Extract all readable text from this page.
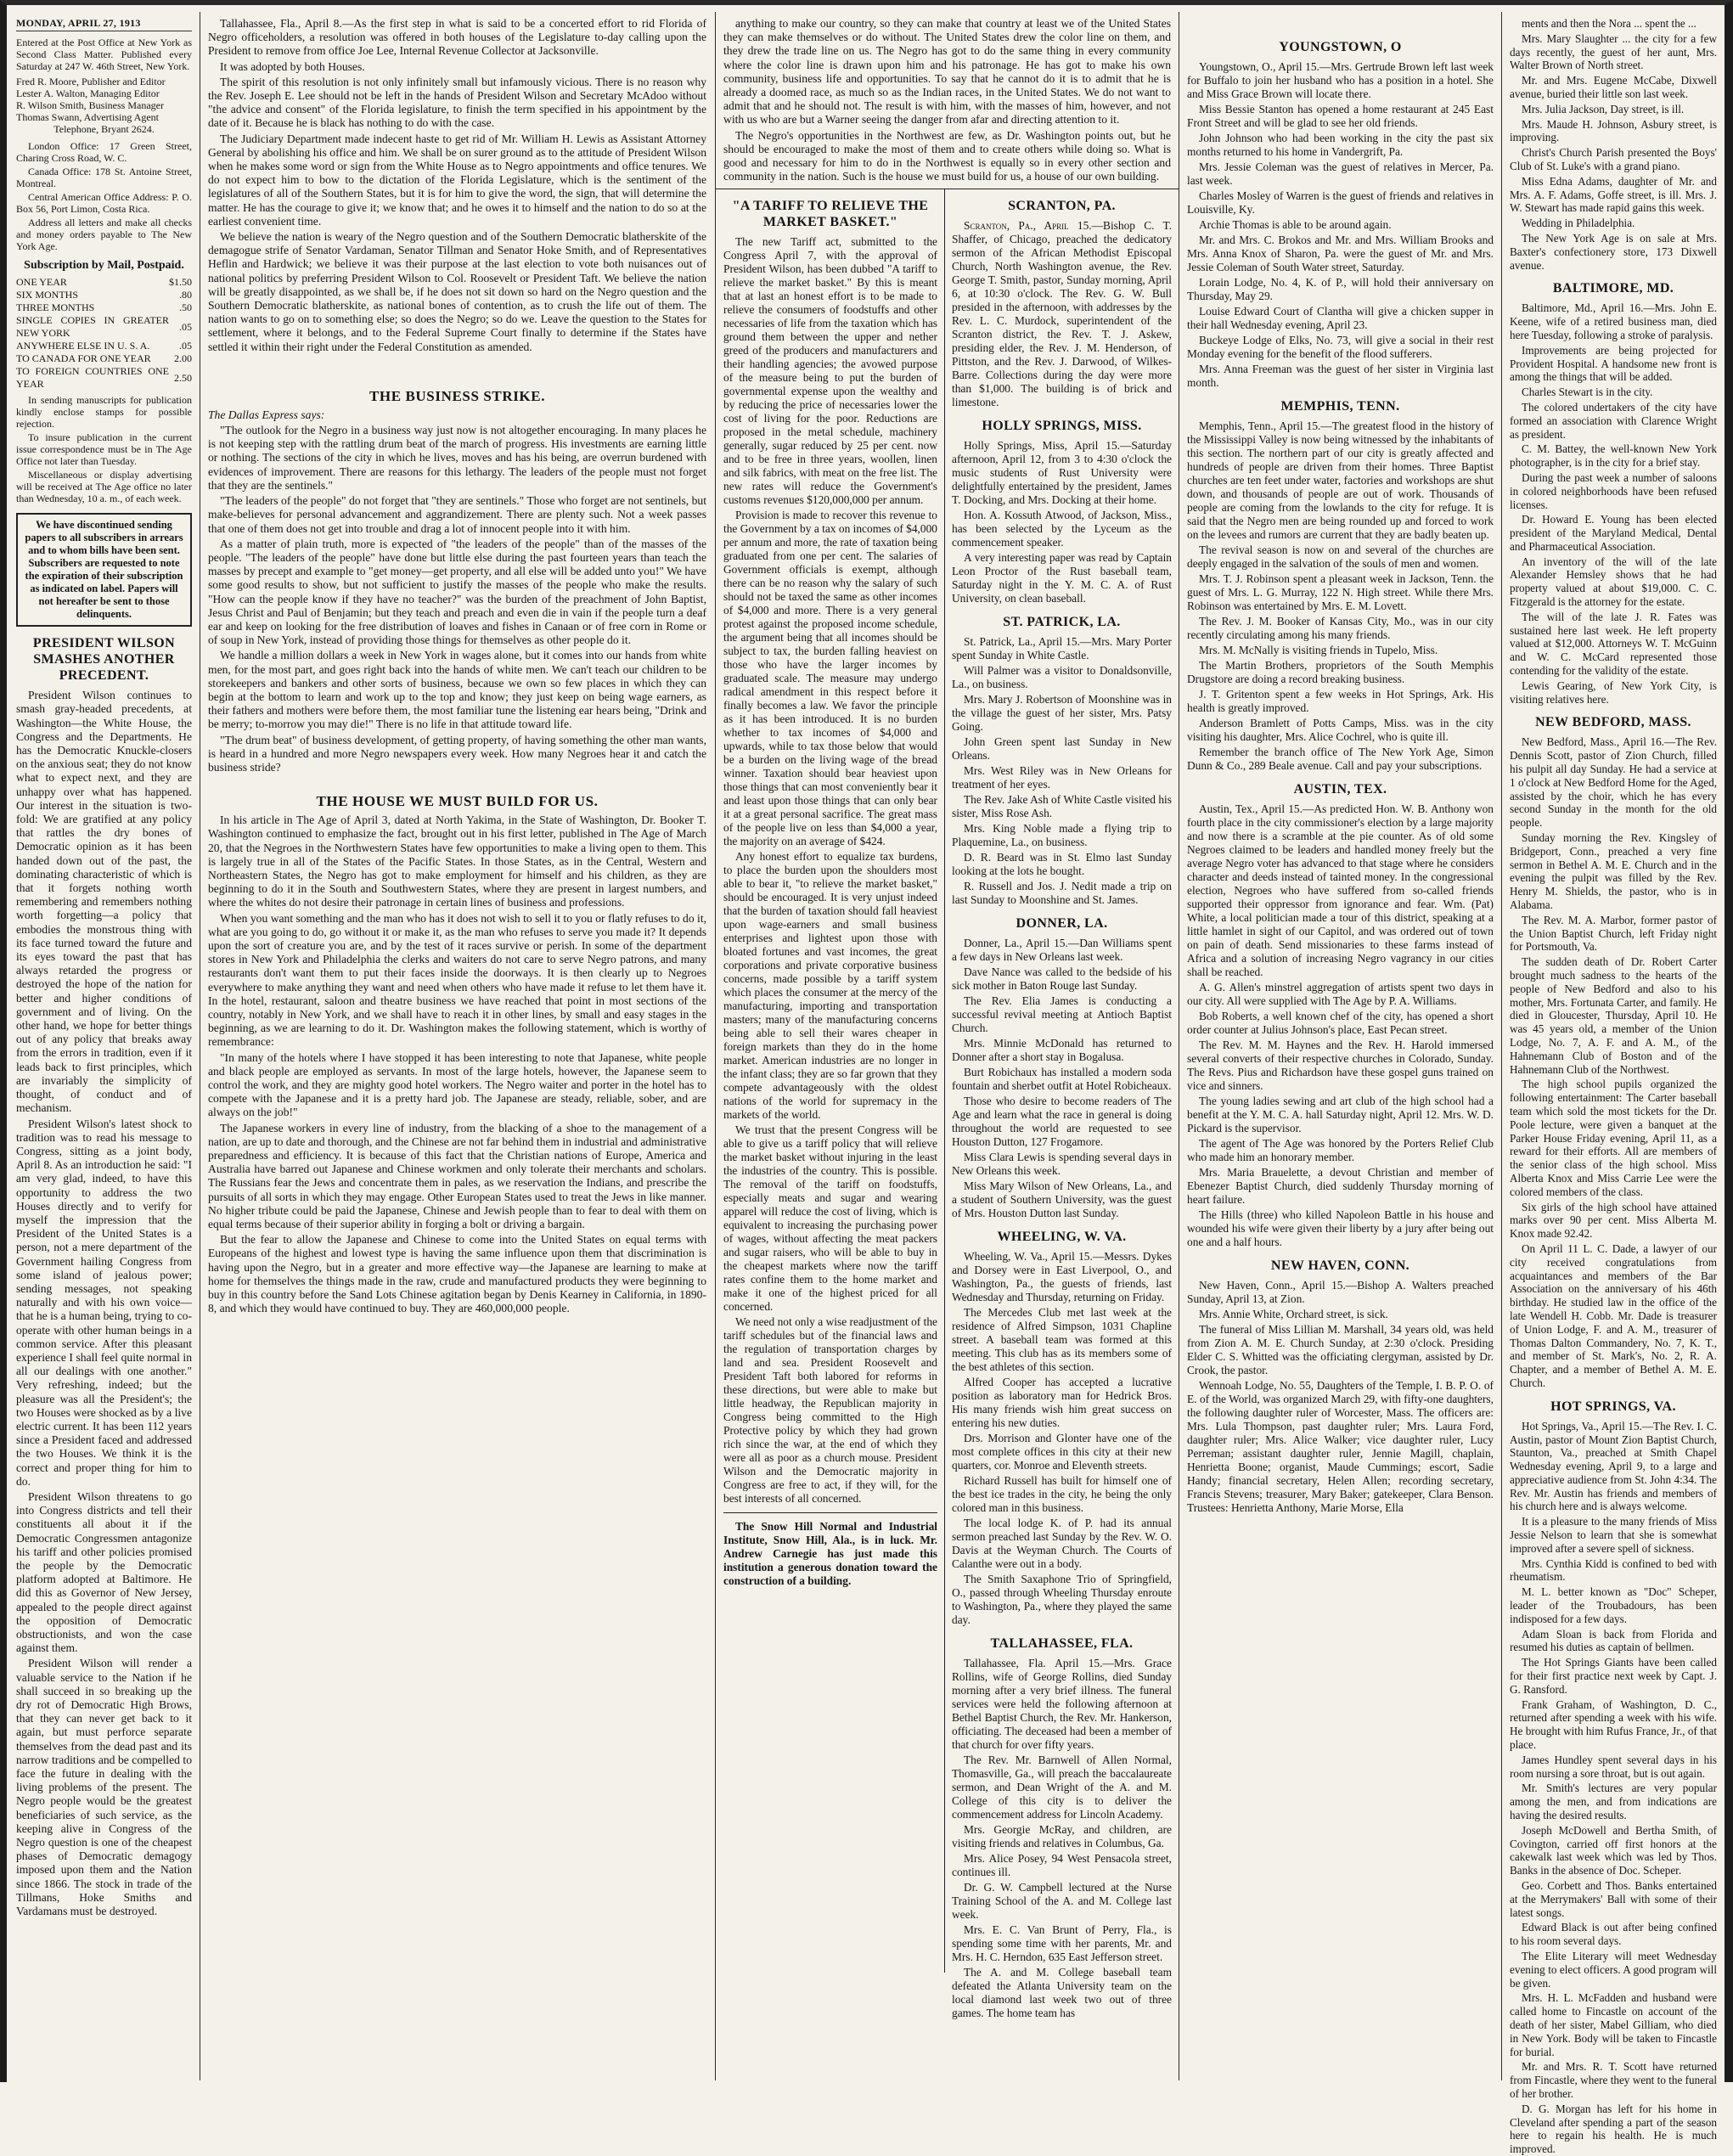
MONDAY, APRIL 27, 1913

Entered at the Post Office at New York as Second Class Matter. Published every Saturday at 247 W. 46th Street, New York.

Fred R. Moore, Publisher and Editor
Lester A. Walton, Managing Editor
R. Wilson Smith, Business Manager
Thomas Swann, Advertising Agent
Telephone, Bryant 2624.

London Office: 17 Green Street, Charing Cross Road, W. C.

Canada Office: 178 St. Antoine Street, Montreal.

Central American Office Address: P. O. Box 56, Port Limon, Costa Rica.

Address all letters and make all checks and money orders payable to The New York Age.

Subscription by Mail, Postpaid.
ONE YEAR	$1.50
SIX MONTHS	.80
THREE MONTHS	.50
SINGLE COPIES IN GREATER NEW YORK	.05
ANYWHERE ELSE IN U. S. A.	.05
TO CANADA FOR ONE YEAR	2.00
TO FOREIGN COUNTRIES ONE YEAR	2.50

In sending manuscripts for publication kindly enclose stamps for possible rejection.

To insure publication in the current issue correspondence must be in The Age Office not later than Tuesday.

Miscellaneous or display advertising will be received at The Age office no later than Wednesday, 10 a. m., of each week.

We have discontinued sending papers to all subscribers in arrears and to whom bills have been sent. Subscribers are requested to note the expiration of their subscription as indicated on label. Papers will not hereafter be sent to those delinquents.
PRESIDENT WILSON SMASHES ANOTHER PRECEDENT.

President Wilson continues to smash gray-headed precedents, at Washington—the White House, the Congress and the Departments. He has the Democratic Knuckle-closers on the anxious seat; they do not know what to expect next, and they are unhappy over what has happened. Our interest in the situation is two-fold: We are gratified at any policy that rattles the dry bones of Democratic opinion as it has been handed down out of the past, the dominating characteristic of which is that it forgets nothing worth remembering and remembers nothing worth forgetting—a policy that embodies the monstrous thing with its face turned toward the future and its eyes toward the past that has always retarded the progress or destroyed the hope of the nation for better and higher conditions of government and of living. On the other hand, we hope for better things out of any policy that breaks away from the errors in tradition, even if it leads back to first principles, which are invariably the simplicity of thought, of conduct and of mechanism.

President Wilson's latest shock to tradition was to read his message to Congress, sitting as a joint body, April 8. As an introduction he said: "I am very glad, indeed, to have this opportunity to address the two Houses directly and to verify for myself the impression that the President of the United States is a person, not a mere department of the Government hailing Congress from some island of jealous power; sending messages, not speaking naturally and with his own voice—that he is a human being, trying to co-operate with other human beings in a common service. After this pleasant experience I shall feel quite normal in all our dealings with one another." Very refreshing, indeed; but the pleasure was all the President's; the two Houses were shocked as by a live electric current. It has been 112 years since a President faced and addressed the two Houses. We think it is the correct and proper thing for him to do.

President Wilson threatens to go into Congress districts and tell their constituents all about it if the Democratic Congressmen antagonize his tariff and other policies promised the people by the Democratic platform adopted at Baltimore. He did this as Governor of New Jersey, appealed to the people direct against the opposition of Democratic obstructionists, and won the case against them.

President Wilson will render a valuable service to the Nation if he shall succeed in so breaking up the dry rot of Democratic High Brows, that they can never get back to it again, but must perforce separate themselves from the dead past and its narrow traditions and be compelled to face the future in dealing with the living problems of the present. The Negro people would be the greatest beneficiaries of such service, as the keeping alive in Congress of the Negro question is one of the cheapest phases of Democratic demagogy imposed upon them and the Nation since 1866. The stock in trade of the Tillmans, Hoke Smiths and Vardamans must be destroyed.

Tallahassee, Fla., April 8.—As the first step in what is said to be a concerted effort to rid Florida of Negro officeholders, a resolution was offered in both houses of the Legislature to-day calling upon the President to remove from office Joe Lee, Internal Revenue Collector at Jacksonville.

It was adopted by both Houses.

The spirit of this resolution is not only infinitely small but infamously vicious. There is no reason why the Rev. Joseph E. Lee should not be left in the hands of President Wilson and Secretary McAdoo without "the advice and consent" of the Florida legislature, to finish the term specified in his appointment by the date of it. Because he is black has nothing to do with the case.

The Judiciary Department made indecent haste to get rid of Mr. William H. Lewis as Assistant Attorney General by abolishing his office and him. We shall be on surer ground as to the attitude of President Wilson when he makes some word or sign from the White House as to Negro appointments and office tenures. We do not expect him to bow to the dictation of the Florida Legislature, which is the sentiment of the legislatures of all of the Southern States, but it is for him to give the word, the sign, that will determine the matter. He has the courage to give it; we know that; and he owes it to himself and the nation to do so at the earliest convenient time.

We believe the nation is weary of the Negro question and of the Southern Democratic blatherskite of the demagogue strife of Senator Vardaman, Senator Tillman and Senator Hoke Smith, and of Representatives Heflin and Hardwick; we believe it was their purpose at the last election to vote both nuisances out of national politics by preferring President Wilson to Col. Roosevelt or President Taft. We believe the nation will be greatly disappointed, as we shall be, if he does not sit down so hard on the Negro question and the Southern Democratic blatherskite, as national bones of contention, as to crush the life out of them. The nation wants to go on to something else; so does the Negro; so do we. Leave the question to the States for settlement, where it belongs, and to the Federal Supreme Court finally to determine if the States have settled it within their right under the Federal Constitution as amended.

THE BUSINESS STRIKE.

The Dallas Express says:

"The outlook for the Negro in a business way just now is not altogether encouraging. In many places he is not keeping step with the rattling drum beat of the march of progress. His investments are earning little or nothing. The sections of the city in which he lives, moves and has his being, are overrun burdened with evidences of improvement. There are reasons for this lethargy. The leaders of the people must not forget that they are the sentinels."

"The leaders of the people" do not forget that "they are sentinels." Those who forget are not sentinels, but make-believes for personal advancement and aggrandizement. There are plenty such. Not a week passes that one of them does not get into trouble and drag a lot of innocent people into it with him.

As a matter of plain truth, more is expected of "the leaders of the people" than of the masses of the people. "The leaders of the people" have done but little else during the past fourteen years than teach the masses by precept and example to "get money—get property, and all else will be added unto you!" We have some good results to show, but not sufficient to justify the masses of the people who make the results. "How can the people know if they have no teacher?" was the burden of the preachment of John Baptist, Jesus Christ and Paul of Benjamin; but they teach and preach and even die in vain if the people turn a deaf ear and keep on looking for the free distribution of loaves and fishes in Canaan or of free corn in Rome or of soup in New York, instead of providing those things for themselves as other people do it.

We handle a million dollars a week in New York in wages alone, but it comes into our hands from white men, for the most part, and goes right back into the hands of white men. We can't teach our children to be storekeepers and bankers and other sorts of business, because we own so few places in which they can begin at the bottom to learn and work up to the top and know; they just keep on being wage earners, as their fathers and mothers were before them, the most familiar tune the listening ear hears being, "Drink and be merry; to-morrow you may die!" There is no life in that attitude toward life.

"The drum beat" of business development, of getting property, of having something the other man wants, is heard in a hundred and more Negro newspapers every week. How many Negroes hear it and catch the business stride?

THE HOUSE WE MUST BUILD FOR US.

In his article in The Age of April 3, dated at North Yakima, in the State of Washington, Dr. Booker T. Washington continued to emphasize the fact, brought out in his first letter, published in The Age of March 20, that the Negroes in the Northwestern States have few opportunities to make a living open to them. This is largely true in all of the States of the Pacific States. In those States, as in the Central, Western and Northeastern States, the Negro has got to make employment for himself and his children, as they are beginning to do it in the South and Southwestern States, where they are present in largest numbers, and where the whites do not desire their patronage in certain lines of business and professions.

When you want something and the man who has it does not wish to sell it to you or flatly refuses to do it, what are you going to do, go without it or make it, as the man who refuses to serve you made it? It depends upon the sort of creature you are, and by the test of it races survive or perish. In some of the department stores in New York and Philadelphia the clerks and waiters do not care to serve Negro patrons, and many restaurants don't want them to put their faces inside the doorways. It is then clearly up to Negroes everywhere to make anything they want and need when others who have made it refuse to let them have it. In the hotel, restaurant, saloon and theatre business we have reached that point in most sections of the country, notably in New York, and we shall have to reach it in other lines, by small and easy stages in the beginning, as we are learning to do it. Dr. Washington makes the following statement, which is worthy of remembrance:

"In many of the hotels where I have stopped it has been interesting to note that Japanese, white people and black people are employed as servants. In most of the large hotels, however, the Japanese seem to control the work, and they are mighty good hotel workers. The Negro waiter and porter in the hotel has to compete with the Japanese and it is a pretty hard job. The Japanese are steady, reliable, sober, and are always on the job!"

The Japanese workers in every line of industry, from the blacking of a shoe to the management of a nation, are up to date and thorough, and the Chinese are not far behind them in industrial and administrative preparedness and efficiency. It is because of this fact that the Christian nations of Europe, America and Australia have barred out Japanese and Chinese workmen and only tolerate their merchants and scholars. The Russians fear the Jews and concentrate them in pales, as we reservation the Indians, and prescribe the pursuits of all sorts in which they may engage. Other European States used to treat the Jews in like manner. No higher tribute could be paid the Japanese, Chinese and Jewish people than to fear to deal with them on equal terms because of their superior ability in forging a bolt or driving a bargain.

But the fear to allow the Japanese and Chinese to come into the United States on equal terms with Europeans of the highest and lowest type is having the same influence upon them that discrimination is having upon the Negro, but in a greater and more effective way—the Japanese are learning to make at home for themselves the things made in the raw, crude and manufactured products they were beginning to buy in this country before the Sand Lots Chinese agitation began by Denis Kearney in California, in 1890-8, and which they would have continued to buy. They are 460,000,000 people.

anything to make our country, so they can make that country at least we of the United States they can make themselves or do without. The United States drew the color line on them, and they drew the trade line on us. The Negro has got to do the same thing in every community where the color line is drawn upon him and his patronage. He has got to make his own community, business life and opportunities. To say that he cannot do it is to admit that he is already a doomed race, as much so as the Indian races, in the United States. We do not want to admit that and he should not. The result is with him, with the masses of him, however, and not with us who are but a Warner seeing the danger from afar and directing attention to it.

The Negro's opportunities in the Northwest are few, as Dr. Washington points out, but he should be encouraged to make the most of them and to create others while doing so. What is good and necessary for him to do in the Northwest is equally so in every other section and community in the nation. Such is the house we must build for us, a house of our own building.

"A TARIFF TO RELIEVE THE MARKET BASKET."

The new Tariff act, submitted to the Congress April 7, with the approval of President Wilson, has been dubbed "A tariff to relieve the market basket." By this is meant that at last an honest effort is to be made to relieve the consumers of foodstuffs and other necessaries of life from the taxation which has ground them between the upper and nether greed of the producers and manufacturers and their handling agencies; the avowed purpose of the measure being to put the burden of governmental expense upon the wealthy and by reducing the price of necessaries lower the cost of living for the poor. Reductions are proposed in the metal schedule, machinery generally, sugar reduced by 25 per cent. now and to be free in three years, woollen, linen and silk fabrics, with meat on the free list. The new rates will reduce the Government's customs revenues $120,000,000 per annum.

Provision is made to recover this revenue to the Government by a tax on incomes of $4,000 per annum and more, the rate of taxation being graduated from one per cent. The salaries of Government officials is exempt, although there can be no reason why the salary of such should not be taxed the same as other incomes of $4,000 and more. There is a very general protest against the proposed income schedule, the argument being that all incomes should be subject to tax, the burden falling heaviest on those who have the larger incomes by graduated scale. The measure may undergo radical amendment in this respect before it finally becomes a law. We favor the principle as it has been introduced. It is no burden whether to tax incomes of $4,000 and upwards, while to tax those below that would be a burden on the living wage of the bread winner. Taxation should bear heaviest upon those things that can most conveniently bear it and least upon those things that can only bear it at a great personal sacrifice. The great mass of the people live on less than $4,000 a year, the majority on an average of $424.

Any honest effort to equalize tax burdens, to place the burden upon the shoulders most able to bear it, "to relieve the market basket," should be encouraged. It is very unjust indeed that the burden of taxation should fall heaviest upon wage-earners and small business enterprises and lightest upon those with bloated fortunes and vast incomes, the great corporations and private corporative business concerns, made possible by a tariff system which places the consumer at the mercy of the manufacturing, importing and transportation masters; many of the manufacturing concerns being able to sell their wares cheaper in foreign markets than they do in the home market. American industries are no longer in the infant class; they are so far grown that they compete advantageously with the oldest nations of the world for supremacy in the markets of the world.

We trust that the present Congress will be able to give us a tariff policy that will relieve the market basket without injuring in the least the industries of the country. This is possible. The removal of the tariff on foodstuffs, especially meats and sugar and wearing apparel will reduce the cost of living, which is equivalent to increasing the purchasing power of wages, without affecting the meat packers and sugar raisers, who will be able to buy in the cheapest markets where now the tariff rates confine them to the home market and make it one of the highest priced for all concerned.

We need not only a wise readjustment of the tariff schedules but of the financial laws and the regulation of transportation charges by land and sea. President Roosevelt and President Taft both labored for reforms in these directions, but were able to make but little headway, the Republican majority in Congress being committed to the High Protective policy by which they had grown rich since the war, at the end of which they were all as poor as a church mouse. President Wilson and the Democratic majority in Congress are free to act, if they will, for the best interests of all concerned.

The Snow Hill Normal and Industrial Institute, Snow Hill, Ala., is in luck. Mr. Andrew Carnegie has just made this institution a generous donation toward the construction of a building.

SCRANTON, PA.

Scranton, Pa., April 15.—Bishop C. T. Shaffer, of Chicago, preached the dedicatory sermon of the African Methodist Episcopal Church, North Washington avenue, the Rev. George T. Smith, pastor, Sunday morning, April 6, at 10:30 o'clock. The Rev. G. W. Bull presided in the afternoon, with addresses by the Rev. L. C. Murdock, superintendent of the Scranton district, the Rev. T. J. Askew, presiding elder, the Rev. J. M. Henderson, of Pittston, and the Rev. J. Darwood, of Wilkes-Barre. Collections during the day were more than $1,000. The building is of brick and limestone.

HOLLY SPRINGS, MISS.

Holly Springs, Miss, April 15.—Saturday afternoon, April 12, from 3 to 4:30 o'clock the music students of Rust University were delightfully entertained by the president, James T. Docking, and Mrs. Docking at their home.

Hon. A. Kossuth Atwood, of Jackson, Miss., has been selected by the Lyceum as the commencement speaker.

A very interesting paper was read by Captain Leon Proctor of the Rust baseball team, Saturday night in the Y. M. C. A. of Rust University, on clean baseball.

ST. PATRICK, LA.

St. Patrick, La., April 15.—Mrs. Mary Porter spent Sunday in White Castle.

Will Palmer was a visitor to Donaldsonville, La., on business.

Mrs. Mary J. Robertson of Moonshine was in the village the guest of her sister, Mrs. Patsy Going.

John Green spent last Sunday in New Orleans.

Mrs. West Riley was in New Orleans for treatment of her eyes.

The Rev. Jake Ash of White Castle visited his sister, Miss Rose Ash.

Mrs. King Noble made a flying trip to Plaquemine, La., on business.

D. R. Beard was in St. Elmo last Sunday looking at the lots he bought.

R. Russell and Jos. J. Nedit made a trip on last Sunday to Moonshine and St. James.

DONNER, LA.

Donner, La., April 15.—Dan Williams spent a few days in New Orleans last week.

Dave Nance was called to the bedside of his sick mother in Baton Rouge last Sunday.

The Rev. Elia James is conducting a successful revival meeting at Antioch Baptist Church.

Mrs. Minnie McDonald has returned to Donner after a short stay in Bogalusa.

Burt Robichaux has installed a modern soda fountain and sherbet outfit at Hotel Robicheaux.

Those who desire to become readers of The Age and learn what the race in general is doing throughout the world are requested to see Houston Dutton, 127 Frogamore.

Miss Clara Lewis is spending several days in New Orleans this week.

Miss Mary Wilson of New Orleans, La., and a student of Southern University, was the guest of Mrs. Houston Dutton last Sunday.

WHEELING, W. VA.

Wheeling, W. Va., April 15.—Messrs. Dykes and Dorsey were in East Liverpool, O., and Washington, Pa., the guests of friends, last Wednesday and Thursday, returning on Friday.

The Mercedes Club met last week at the residence of Alfred Simpson, 1031 Chapline street. A baseball team was formed at this meeting. This club has as its members some of the best athletes of this section.

Alfred Cooper has accepted a lucrative position as laboratory man for Hedrick Bros. His many friends wish him great success on entering his new duties.

Drs. Morrison and Glonter have one of the most complete offices in this city at their new quarters, cor. Monroe and Eleventh streets.

Richard Russell has built for himself one of the best ice trades in the city, he being the only colored man in this business.

The local lodge K. of P. had its annual sermon preached last Sunday by the Rev. W. O. Davis at the Weyman Church. The Courts of Calanthe were out in a body.

The Smith Saxaphone Trio of Springfield, O., passed through Wheeling Thursday enroute to Washington, Pa., where they played the same day.

TALLAHASSEE, FLA.

Tallahassee, Fla. April 15.—Mrs. Grace Rollins, wife of George Rollins, died Sunday morning after a very brief illness. The funeral services were held the following afternoon at Bethel Baptist Church, the Rev. Mr. Hankerson, officiating. The deceased had been a member of that church for over fifty years.

The Rev. Mr. Barnwell of Allen Normal, Thomasville, Ga., will preach the baccalaureate sermon, and Dean Wright of the A. and M. College of this city is to deliver the commencement address for Lincoln Academy.

Mrs. Georgie McRay, and children, are visiting friends and relatives in Columbus, Ga.

Mrs. Alice Posey, 94 West Pensacola street, continues ill.

Dr. G. W. Campbell lectured at the Nurse Training School of the A. and M. College last week.

Mrs. E. C. Van Brunt of Perry, Fla., is spending some time with her parents, Mr. and Mrs. H. C. Herndon, 635 East Jefferson street.

The A. and M. College baseball team defeated the Atlanta University team on the local diamond last week two out of three games. The home team has

YOUNGSTOWN, O

Youngstown, O., April 15.—Mrs. Gertrude Brown left last week for Buffalo to join her husband who has a position in a hotel. She and Miss Grace Brown will locate there.

Miss Bessie Stanton has opened a home restaurant at 245 East Front Street and will be glad to see her old friends.

John Johnson who had been working in the city the past six months returned to his home in Vandergrift, Pa.

Mrs. Jessie Coleman was the guest of relatives in Mercer, Pa. last week.

Charles Mosley of Warren is the guest of friends and relatives in Louisville, Ky.

Archie Thomas is able to be around again.

Mr. and Mrs. C. Brokos and Mr. and Mrs. William Brooks and Mrs. Anna Knox of Sharon, Pa. were the guest of Mr. and Mrs. Jessie Coleman of South Water street, Saturday.

Lorain Lodge, No. 4, K. of P., will hold their anniversary on Thursday, May 29.

Louise Edward Court of Clantha will give a chicken supper in their hall Wednesday evening, April 23.

Buckeye Lodge of Elks, No. 73, will give a social in their rest Monday evening for the benefit of the flood sufferers.

Mrs. Anna Freeman was the guest of her sister in Virginia last month.

MEMPHIS, TENN.

Memphis, Tenn., April 15.—The greatest flood in the history of the Mississippi Valley is now being witnessed by the inhabitants of this section. The northern part of our city is greatly affected and hundreds of people are driven from their homes. Three Baptist churches are ten feet under water, factories and workshops are shut down, and thousands of people are out of work. Thousands of people are coming from the lowlands to the city for refuge. It is said that the Negro men are being rounded up and forced to work on the levees and rumors are current that they are badly beaten up.

The revival season is now on and several of the churches are deeply engaged in the salvation of the souls of men and women.

Mrs. T. J. Robinson spent a pleasant week in Jackson, Tenn. the guest of Mrs. L. G. Murray, 122 N. High street. While there Mrs. Robinson was entertained by Mrs. E. M. Lovett.

The Rev. J. M. Booker of Kansas City, Mo., was in our city recently circulating among his many friends.

Mrs. M. McNally is visiting friends in Tupelo, Miss.

The Martin Brothers, proprietors of the South Memphis Drugstore are doing a record breaking business.

J. T. Gritenton spent a few weeks in Hot Springs, Ark. His health is greatly improved.

Anderson Bramlett of Potts Camps, Miss. was in the city visiting his daughter, Mrs. Alice Cochrel, who is quite ill.

Remember the branch office of The New York Age, Simon Dunn & Co., 289 Beale avenue. Call and pay your subscriptions.

AUSTIN, TEX.

Austin, Tex., April 15.—As predicted Hon. W. B. Anthony won fourth place in the city commissioner's election by a large majority and now there is a scramble at the pie counter. As of old some Negroes claimed to be leaders and handled money freely but the average Negro voter has advanced to that stage where he considers character and deeds instead of tainted money. In the congressional election, Negroes who have suffered from so-called friends supported their oppressor from ignorance and fear. Wm. (Pat) White, a local politician made a tour of this district, speaking at a little hamlet in sight of our Capitol, and was ordered out of town on pain of death. Send missionaries to these farms instead of Africa and a solution of increasing Negro vagrancy in our cities shall be reached.

A. G. Allen's minstrel aggregation of artists spent two days in our city. All were supplied with The Age by P. A. Williams.

Bob Roberts, a well known chef of the city, has opened a short order counter at Julius Johnson's place, East Pecan street.

The Rev. M. M. Haynes and the Rev. H. Harold immersed several converts of their respective churches in Colorado, Sunday. The Revs. Pius and Richardson have these gospel guns trained on vice and sinners.

The young ladies sewing and art club of the high school had a benefit at the Y. M. C. A. hall Saturday night, April 12. Mrs. W. D. Pickard is the supervisor.

The agent of The Age was honored by the Porters Relief Club who made him an honorary member.

Mrs. Maria Brauelette, a devout Christian and member of Ebenezer Baptist Church, died suddenly Thursday morning of heart failure.

The Hills (three) who killed Napoleon Battle in his house and wounded his wife were given their liberty by a jury after being out one and a half hours.

NEW HAVEN, CONN.

New Haven, Conn., April 15.—Bishop A. Walters preached Sunday, April 13, at Zion.

Mrs. Annie White, Orchard street, is sick.

The funeral of Miss Lillian M. Marshall, 34 years old, was held from Zion A. M. E. Church Sunday, at 2:30 o'clock. Presiding Elder C. S. Whitted was the officiating clergyman, assisted by Dr. Crook, the pastor.

Wennoah Lodge, No. 55, Daughters of the Temple, I. B. P. O. of E. of the World, was organized March 29, with fifty-one daughters, the following daughter ruler of Worcester, Mass. The officers are: Mrs. Lula Thompson, past daughter ruler; Mrs. Laura Ford, daughter ruler; Mrs. Alice Walker; vice daughter ruler, Lucy Perreman; assistant daughter ruler, Jennie Magill, chaplain, Henrietta Boone; organist, Maude Cummings; escort, Sadie Handy; financial secretary, Helen Allen; recording secretary, Francis Stevens; treasurer, Mary Baker; gatekeeper, Clara Benson. Trustees: Henrietta Anthony, Marie Morse, Ella

ments and then the Nora ... spent the ...

Mrs. Mary Slaughter ... the city for a few days recently, the guest of her aunt, Mrs. Walter Brown of North street.

Mr. and Mrs. Eugene McCabe, Dixwell avenue, buried their little son last week.

Mrs. Julia Jackson, Day street, is ill.

Mrs. Maude H. Johnson, Asbury street, is improving.

Christ's Church Parish presented the Boys' Club of St. Luke's with a grand piano.

Miss Edna Adams, daughter of Mr. and Mrs. A. F. Adams, Goffe street, is ill. Mrs. J. W. Stewart has made rapid gains this week.

Wedding in Philadelphia.

The New York Age is on sale at Mrs. Baxter's confectionery store, 173 Dixwell avenue.

BALTIMORE, MD.

Baltimore, Md., April 16.—Mrs. John E. Keene, wife of a retired business man, died here Tuesday, following a stroke of paralysis.

Improvements are being projected for Provident Hospital. A handsome new front is among the things that will be added.

Charles Stewart is in the city.

The colored undertakers of the city have formed an association with Clarence Wright as president.

C. M. Battey, the well-known New York photographer, is in the city for a brief stay.

During the past week a number of saloons in colored neighborhoods have been refused licenses.

Dr. Howard E. Young has been elected president of the Maryland Medical, Dental and Pharmaceutical Association.

An inventory of the will of the late Alexander Hemsley shows that he had property valued at about $19,000. C. C. Fitzgerald is the attorney for the estate.

The will of the late J. R. Fates was sustained here last week. He left property valued at $12,000. Attorneys W. T. McGuinn and W. C. McCard represented those contending for the validity of the estate.

Lewis Gearing, of New York City, is visiting relatives here.

NEW BEDFORD, MASS.

New Bedford, Mass., April 16.—The Rev. Dennis Scott, pastor of Zion Church, filled his pulpit all day Sunday. He had a service at 1 o'clock at New Bedford Home for the Aged, assisted by the choir, which he has every second Sunday in the month for the old people.

Sunday morning the Rev. Kingsley of Bridgeport, Conn., preached a very fine sermon in Bethel A. M. E. Church and in the evening the pulpit was filled by the Rev. Henry M. Shields, the pastor, who is in Alabama.

The Rev. M. A. Marbor, former pastor of the Union Baptist Church, left Friday night for Portsmouth, Va.

The sudden death of Dr. Robert Carter brought much sadness to the hearts of the people of New Bedford and also to his mother, Mrs. Fortunata Carter, and family. He died in Gloucester, Thursday, April 10. He was 45 years old, a member of the Union Lodge, No. 7, A. F. and A. M., of the Hahnemann Club of Boston and of the Hahnemann Club of the Northwest.

The high school pupils organized the following entertainment: The Carter baseball team which sold the most tickets for the Dr. Poole lecture, were given a banquet at the Parker House Friday evening, April 11, as a reward for their efforts. All are members of the senior class of the high school. Miss Alberta Knox and Miss Carrie Lee were the colored members of the class.

Six girls of the high school have attained marks over 90 per cent. Miss Alberta M. Knox made 92.42.

On April 11 L. C. Dade, a lawyer of our city received congratulations from acquaintances and members of the Bar Association on the anniversary of his 46th birthday. He studied law in the office of the late Wendell H. Cobb. Mr. Dade is treasurer of Union Lodge, F. and A. M., treasurer of Thomas Dalton Commandery, No. 7, K. T., and member of St. Mark's, No. 2, R. A. Chapter, and a member of Bethel A. M. E. Church.

HOT SPRINGS, VA.

Hot Springs, Va., April 15.—The Rev. I. C. Austin, pastor of Mount Zion Baptist Church, Staunton, Va., preached at Smith Chapel Wednesday evening, April 9, to a large and appreciative audience from St. John 4:34. The Rev. Mr. Austin has friends and members of his church here and is always welcome.

It is a pleasure to the many friends of Miss Jessie Nelson to learn that she is somewhat improved after a severe spell of sickness.

Mrs. Cynthia Kidd is confined to bed with rheumatism.

M. L. better known as "Doc" Scheper, leader of the Troubadours, has been indisposed for a few days.

Adam Sloan is back from Florida and resumed his duties as captain of bellmen.

The Hot Springs Giants have been called for their first practice next week by Capt. J. G. Ransford.

Frank Graham, of Washington, D. C., returned after spending a week with his wife. He brought with him Rufus France, Jr., of that place.

James Hundley spent several days in his room nursing a sore throat, but is out again.

Mr. Smith's lectures are very popular among the men, and from indications are having the desired results.

Joseph McDowell and Bertha Smith, of Covington, carried off first honors at the cakewalk last week which was led by Thos. Banks in the absence of Doc. Scheper.

Geo. Corbett and Thos. Banks entertained at the Merrymakers' Ball with some of their latest songs.

Edward Black is out after being confined to his room several days.

The Elite Literary will meet Wednesday evening to elect officers. A good program will be given.

Mrs. H. L. McFadden and husband were called home to Fincastle on account of the death of her sister, Mabel Gilliam, who died in New York. Body will be taken to Fincastle for burial.

Mr. and Mrs. R. T. Scott have returned from Fincastle, where they went to the funeral of her brother.

D. G. Morgan has left for his home in Cleveland after spending a part of the season here to regain his health. He is much improved.
